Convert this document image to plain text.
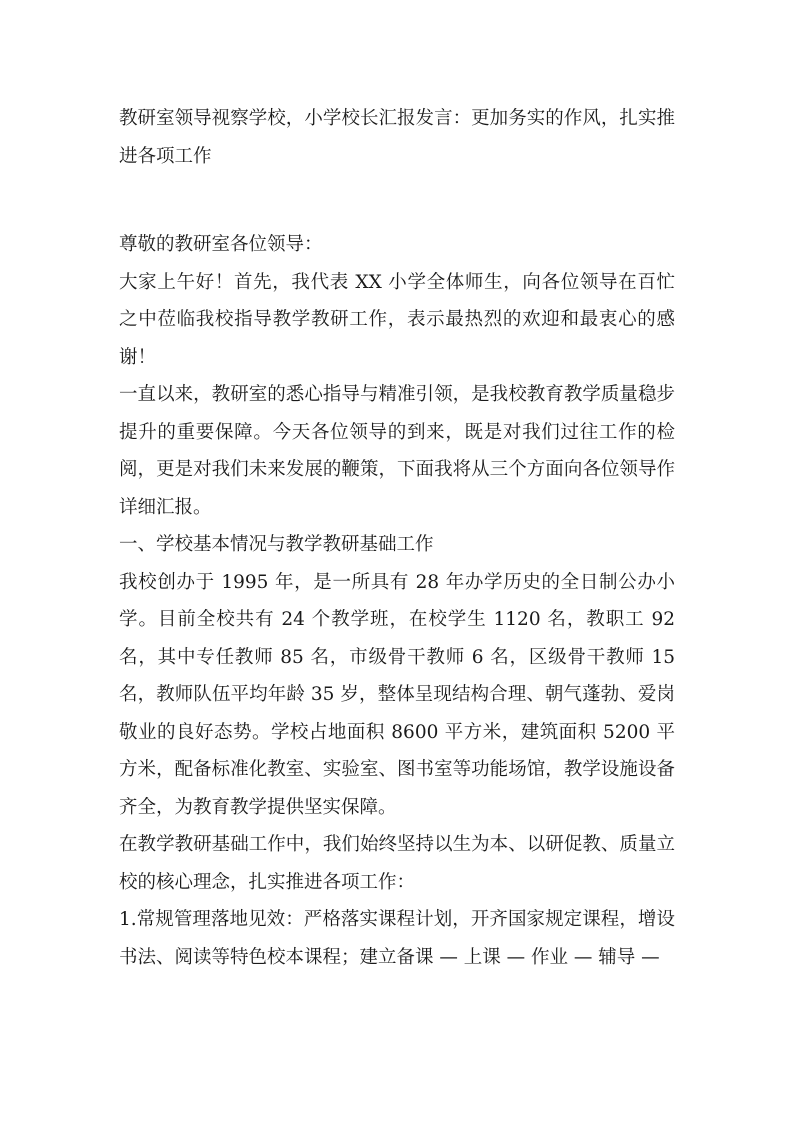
教研室领导视察学校，小学校长汇报发言：更加务实的作风，扎实推进各项工作

尊敬的教研室各位领导：

大家上午好！首先，我代表 XX 小学全体师生，向各位领导在百忙之中莅临我校指导教学教研工作，表示最热烈的欢迎和最衷心的感谢！

一直以来，教研室的悉心指导与精准引领，是我校教育教学质量稳步提升的重要保障。今天各位领导的到来，既是对我们过往工作的检阅，更是对我们未来发展的鞭策，下面我将从三个方面向各位领导作详细汇报。

一、学校基本情况与教学教研基础工作

我校创办于 1995 年，是一所具有 28 年办学历史的全日制公办小学。目前全校共有 24 个教学班，在校学生 1120 名，教职工 92 名，其中专任教师 85 名，市级骨干教师 6 名，区级骨干教师 15 名，教师队伍平均年龄 35 岁，整体呈现结构合理、朝气蓬勃、爱岗敬业的良好态势。学校占地面积 8600 平方米，建筑面积 5200 平方米，配备标准化教室、实验室、图书室等功能场馆，教学设施设备齐全，为教育教学提供坚实保障。

在教学教研基础工作中，我们始终坚持以生为本、以研促教、质量立校的核心理念，扎实推进各项工作：

1.常规管理落地见效：严格落实课程计划，开齐国家规定课程，增设书法、阅读等特色校本课程；建立备课 — 上课 — 作业 — 辅导 —
